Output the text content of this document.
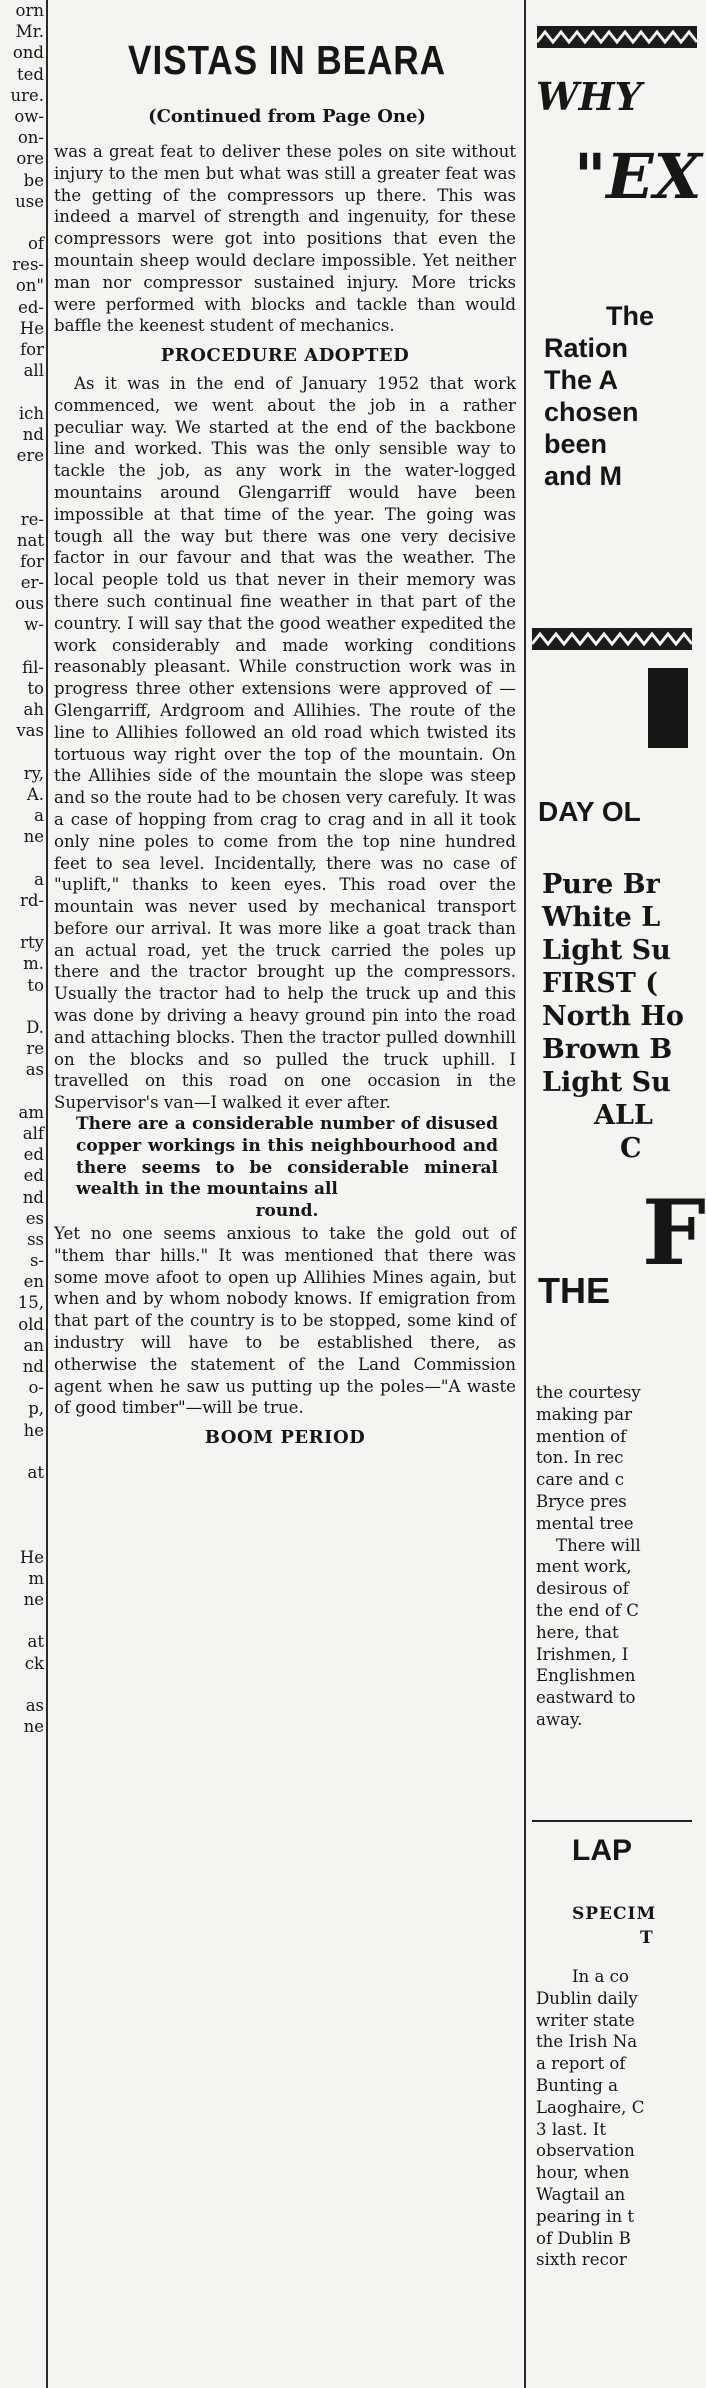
orn
Mr.
ond
ted
ure.
ow-
on-
ore
be
use
of
res-
on"
ed-
He
for
all
ich
nd
ere
re-
nat
for
er-
ous
w-
fil-
to
ah
vas
ry,
A.
a
ne
a
rd-
rty
m.
to
D.
re
as
am
alf
ed
ed
nd
es
ss
s-
en
15,
old
an
nd
o-
p,
he
at
He
m
ne
at
ck
as
ne
VISTAS IN BEARA
(Continued from Page One)

was a great feat to deliver these poles on site without injury to the men but what was still a greater feat was the getting of the compressors up there. This was indeed a marvel of strength and ingenuity, for these compressors were got into positions that even the mountain sheep would declare impossible. Yet neither man nor compressor sustained injury. More tricks were performed with blocks and tackle than would baffle the keenest student of mechanics.

PROCEDURE ADOPTED

As it was in the end of January 1952 that work commenced, we went about the job in a rather peculiar way. We started at the end of the backbone line and worked. This was the only sensible way to tackle the job, as any work in the water-logged mountains around Glengarriff would have been impossible at that time of the year. The going was tough all the way but there was one very decisive factor in our favour and that was the weather. The local people told us that never in their memory was there such continual fine weather in that part of the country. I will say that the good weather expedited the work considerably and made working conditions reasonably pleasant. While construction work was in progress three other extensions were approved of — Glengarriff, Ardgroom and Allihies. The route of the line to Allihies followed an old road which twisted its tortuous way right over the top of the mountain. On the Allihies side of the mountain the slope was steep and so the route had to be chosen very carefuly. It was a case of hopping from crag to crag and in all it took only nine poles to come from the top nine hundred feet to sea level. Incidentally, there was no case of "uplift," thanks to keen eyes. This road over the mountain was never used by mechanical transport before our arrival. It was more like a goat track than an actual road, yet the truck carried the poles up there and the tractor brought up the compressors. Usually the tractor had to help the truck up and this was done by driving a heavy ground pin into the road and attaching blocks. Then the tractor pulled downhill on the blocks and so pulled the truck uphill. I travelled on this road on one occasion in the Supervisor's van—I walked it ever after.

There are a considerable number of disused copper workings in this neighbourhood and there seems to be considerable mineral wealth in the mountains all
round.

Yet no one seems anxious to take the gold out of "them thar hills." It was mentioned that there was some move afoot to open up Allihies Mines again, but when and by whom nobody knows. If emigration from that part of the country is to be stopped, some kind of industry will have to be established there, as otherwise the statement of the Land Commission agent when he saw us putting up the poles—"A waste of good timber"—will be true.

BOOM PERIOD
WHY
"EX
The
Ration
The A
chosen
been
and M
DAY OL
Pure Br
White L
Light Su
FIRST (
North Ho
Brown B
Light Su
ALL
C
F
THE
the courtesy
making par
mention of
ton. In rec
care and c
Bryce pres
mental tree
There will
ment work,
desirous of
the end of C
here, that
Irishmen, I
Englishmen
eastward to
away.
LAP
SPECIM
T
In a co
Dublin daily
writer state
the Irish Na
a report of
Bunting a
Laoghaire, C
3 last. It
observation
hour, when
Wagtail an
pearing in t
of Dublin B
sixth recor
